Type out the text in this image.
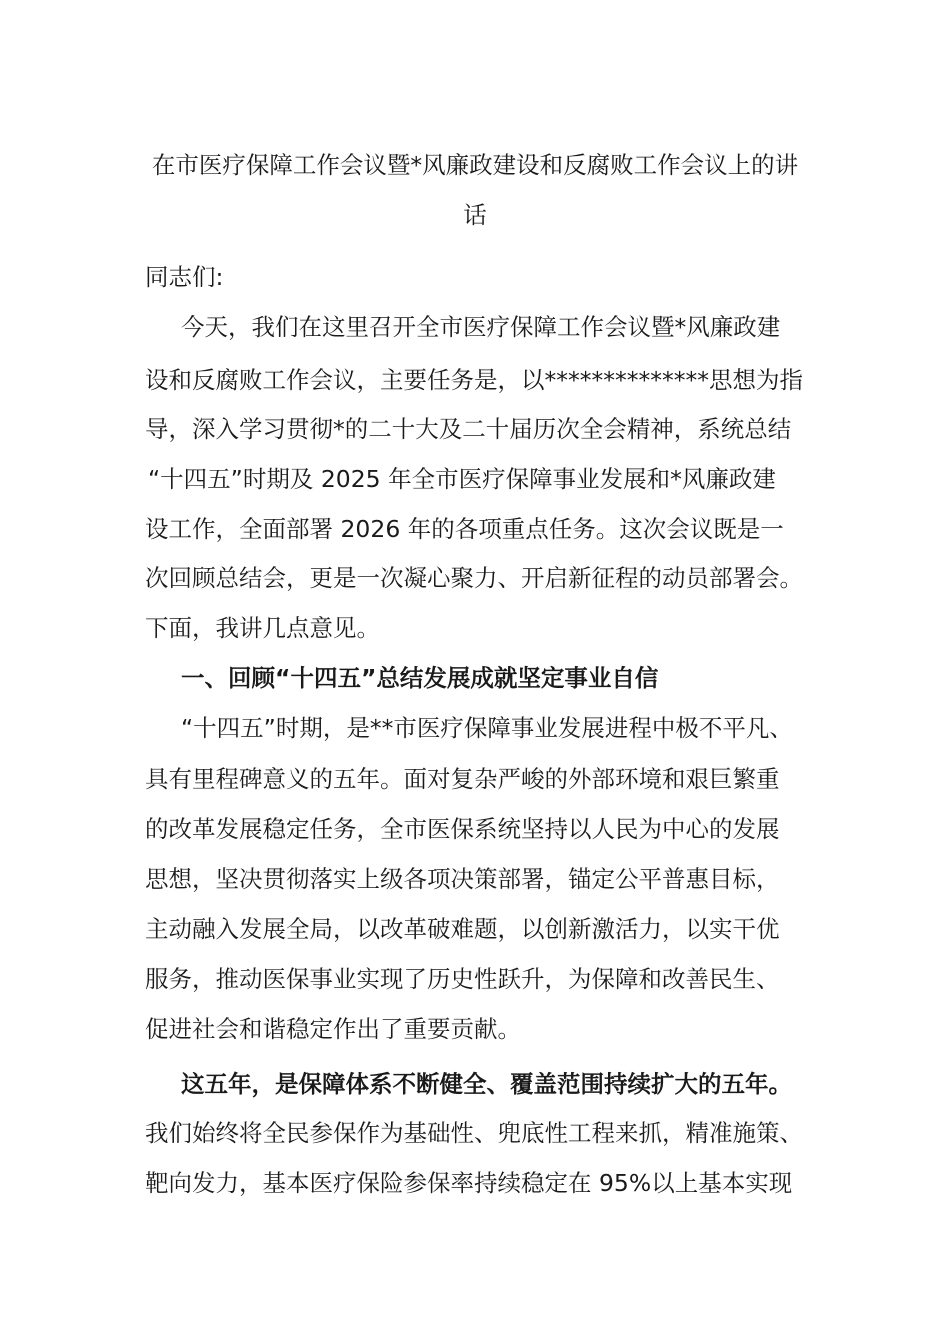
在市医疗保障工作会议暨*风廉政建设和反腐败工作会议上的讲
话
同志们:
今天，我们在这里召开全市医疗保障工作会议暨*风廉政建
设和反腐败工作会议，主要任务是，以**************思想为指
导，深入学习贯彻*的二十大及二十届历次全会精神，系统总结
“十四五”时期及 2025 年全市医疗保障事业发展和*风廉政建
设工作，全面部署 2026 年的各项重点任务。这次会议既是一
次回顾总结会，更是一次凝心聚力、开启新征程的动员部署会。
下面，我讲几点意见。
一、回顾“十四五”总结发展成就坚定事业自信
“十四五”时期，是**市医疗保障事业发展进程中极不平凡、
具有里程碑意义的五年。面对复杂严峻的外部环境和艰巨繁重
的改革发展稳定任务，全市医保系统坚持以人民为中心的发展
思想，坚决贯彻落实上级各项决策部署，锚定公平普惠目标，
主动融入发展全局，以改革破难题，以创新激活力，以实干优
服务，推动医保事业实现了历史性跃升，为保障和改善民生、
促进社会和谐稳定作出了重要贡献。
这五年，是保障体系不断健全、覆盖范围持续扩大的五年。
我们始终将全民参保作为基础性、兜底性工程来抓，精准施策、
靶向发力，基本医疗保险参保率持续稳定在 95%以上基本实现
